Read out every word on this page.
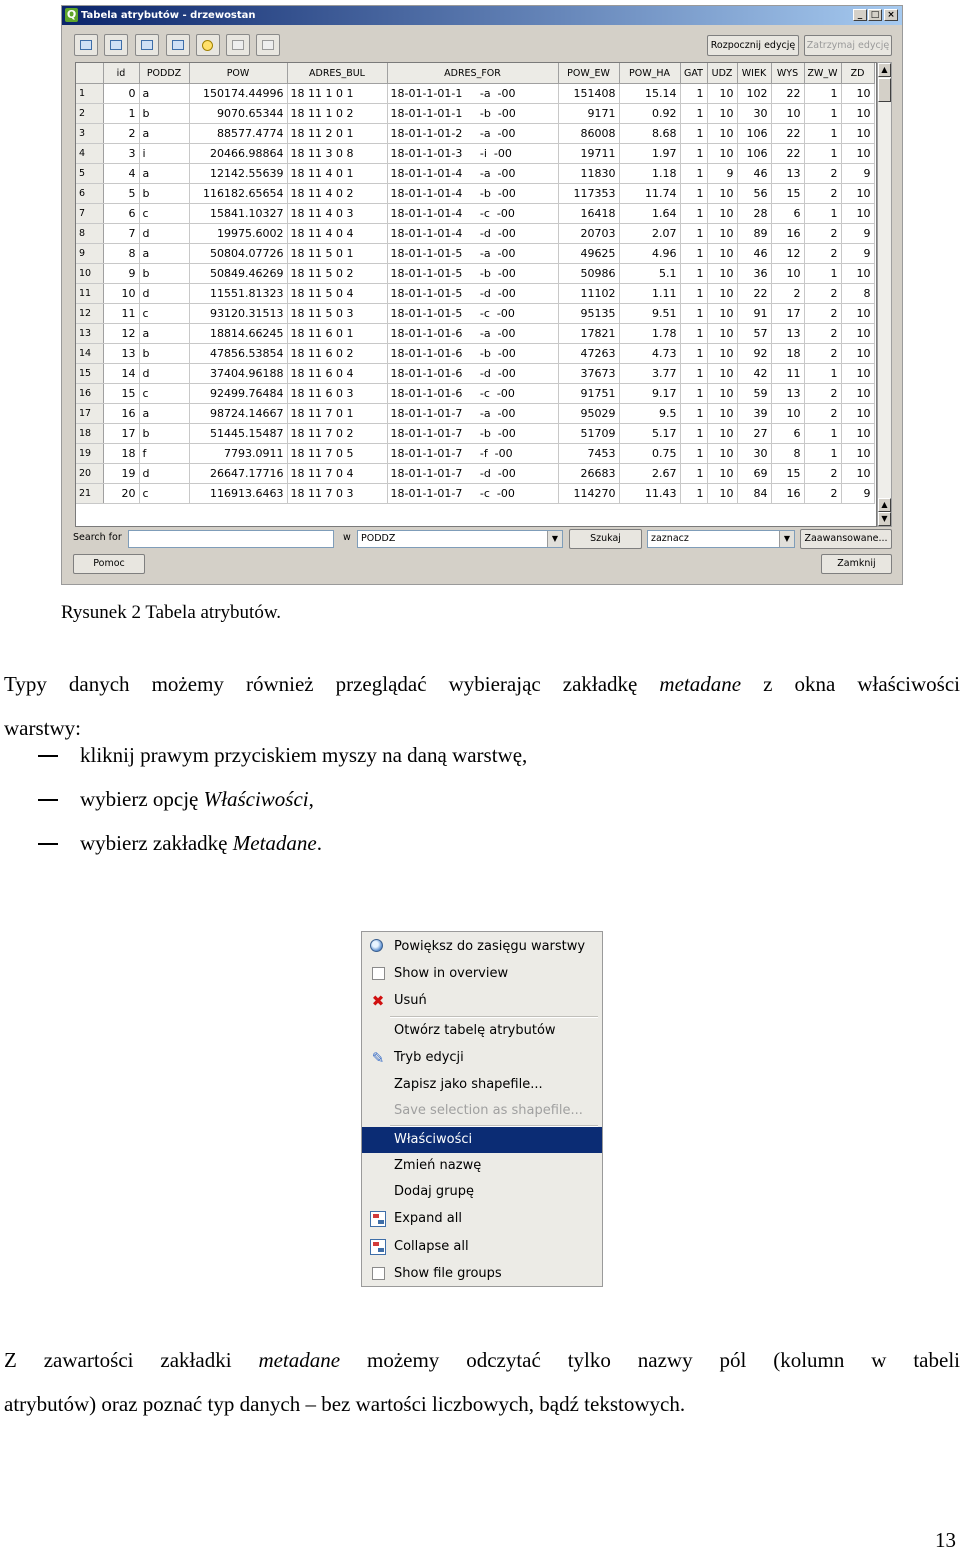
Q Tabela atrybutów - drzewostan	_ □ ×
Rozpocznij edycję	Zatrzymaj edycję
	id	PODDZ	POW	ADRES_BUL	ADRES_FOR	POW_EW	POW_HA	GAT	UDZ	WIEK	WYS	ZW_W	ZD
1	0	a	150174.44996	18 11 1 0 1	18-01-1-01-1     -a  -00	151408	15.14	1	10	102	22	1	10
2	1	b	9070.65344	18 11 1 0 2	18-01-1-01-1     -b  -00	9171	0.92	1	10	30	10	1	10
3	2	a	88577.4774	18 11 2 0 1	18-01-1-01-2     -a  -00	86008	8.68	1	10	106	22	1	10
4	3	i	20466.98864	18 11 3 0 8	18-01-1-01-3     -i  -00	19711	1.97	1	10	106	22	1	10
5	4	a	12142.55639	18 11 4 0 1	18-01-1-01-4     -a  -00	11830	1.18	1	9	46	13	2	9
6	5	b	116182.65654	18 11 4 0 2	18-01-1-01-4     -b  -00	117353	11.74	1	10	56	15	2	10
7	6	c	15841.10327	18 11 4 0 3	18-01-1-01-4     -c  -00	16418	1.64	1	10	28	6	1	10
8	7	d	19975.6002	18 11 4 0 4	18-01-1-01-4     -d  -00	20703	2.07	1	10	89	16	2	9
9	8	a	50804.07726	18 11 5 0 1	18-01-1-01-5     -a  -00	49625	4.96	1	10	46	12	2	9
10	9	b	50849.46269	18 11 5 0 2	18-01-1-01-5     -b  -00	50986	5.1	1	10	36	10	1	10
11	10	d	11551.81323	18 11 5 0 4	18-01-1-01-5     -d  -00	11102	1.11	1	10	22	2	2	8
12	11	c	93120.31513	18 11 5 0 3	18-01-1-01-5     -c  -00	95135	9.51	1	10	91	17	2	10
13	12	a	18814.66245	18 11 6 0 1	18-01-1-01-6     -a  -00	17821	1.78	1	10	57	13	2	10
14	13	b	47856.53854	18 11 6 0 2	18-01-1-01-6     -b  -00	47263	4.73	1	10	92	18	2	10
15	14	d	37404.96188	18 11 6 0 4	18-01-1-01-6     -d  -00	37673	3.77	1	10	42	11	1	10
16	15	c	92499.76484	18 11 6 0 3	18-01-1-01-6     -c  -00	91751	9.17	1	10	59	13	2	10
17	16	a	98724.14667	18 11 7 0 1	18-01-1-01-7     -a  -00	95029	9.5	1	10	39	10	2	10
18	17	b	51445.15487	18 11 7 0 2	18-01-1-01-7     -b  -00	51709	5.17	1	10	27	6	1	10
19	18	f	7793.0911	18 11 7 0 5	18-01-1-01-7     -f  -00	7453	0.75	1	10	30	8	1	10
20	19	d	26647.17716	18 11 7 0 4	18-01-1-01-7     -d  -00	26683	2.67	1	10	69	15	2	10
21	20	c	116913.6463	18 11 7 0 3	18-01-1-01-7     -c  -00	114270	11.43	1	10	84	16	2	9
▲
▲
▼
Search for	w	PODDZ	▼	Szukaj	zaznacz	▼	Zaawansowane...
Pomoc	Zamknij
Rysunek 2 Tabela atrybutów.
Typy danych możemy również przeglądać wybierając zakładkę metadane z okna właściwości
warstwy:
kliknij prawym przyciskiem myszy na daną warstwę,
wybierz opcję Właściwości,
wybierz zakładkę Metadane.
Powiększ do zasięgu warstwy
Show in overview
✖ Usuń
Otwórz tabelę atrybutów
✎ Tryb edycji
Zapisz jako shapefile...
Save selection as shapefile...
Właściwości
Zmień nazwę
Dodaj grupę
Expand all
Collapse all
Show file groups
Z zawartości zakładki metadane możemy odczytać tylko nazwy pól (kolumn w tabeli
atrybutów) oraz poznać typ danych – bez wartości liczbowych, bądź tekstowych.
13
